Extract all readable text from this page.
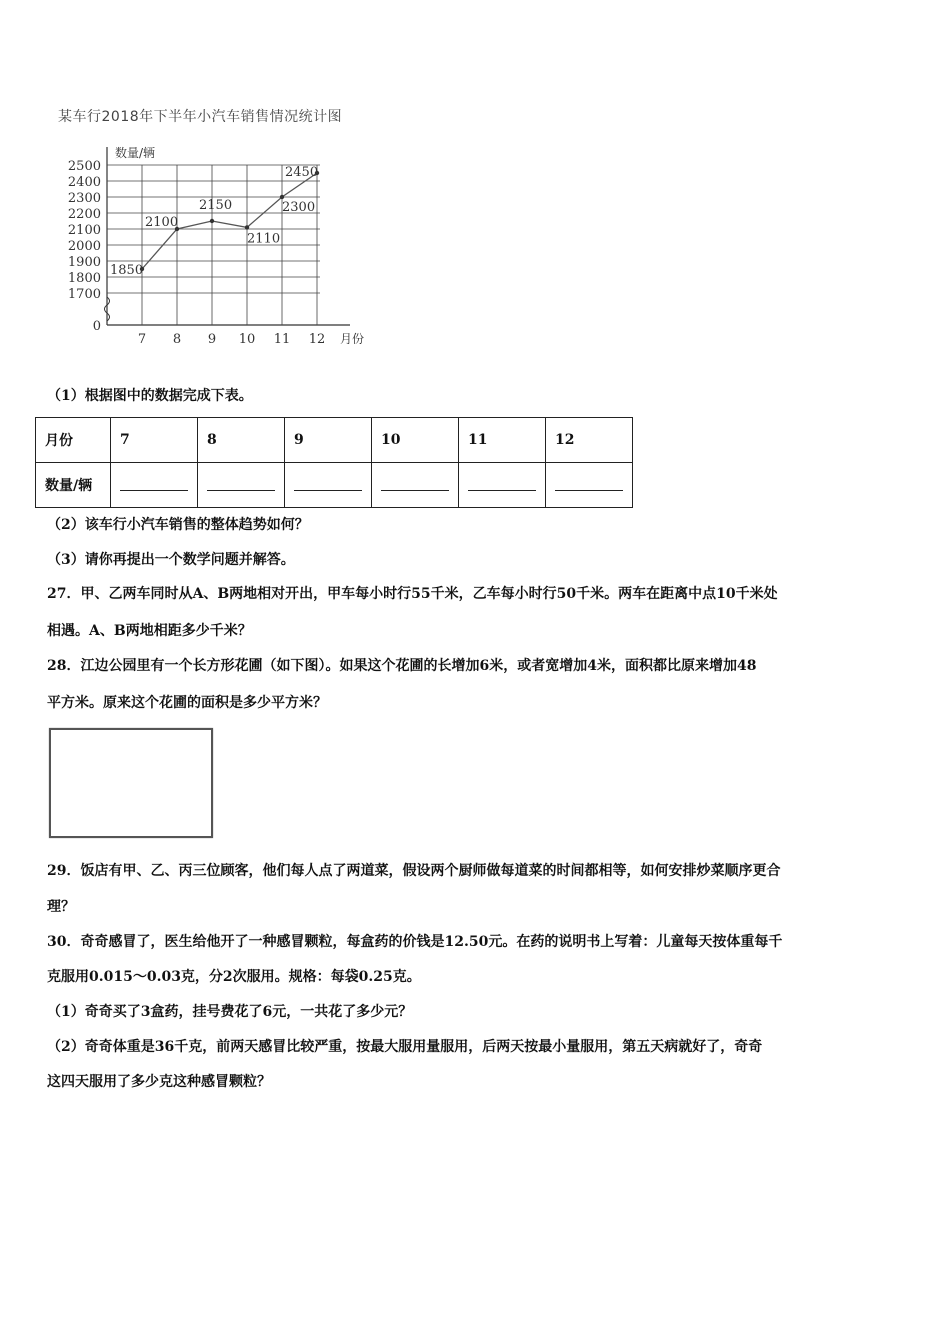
某车行2018年下半年小汽车销售情况统计图
2500
2400
2300
2200
2100
2000
1900
1800
1700
0
数量/辆
7 8 9 10 11 12 月份
1850
2100
2150
2110
2300
2450
（1）根据图中的数据完成下表。
月份	7	8	9	10	11	12
数量/辆						
（2）该车行小汽车销售的整体趋势如何？
（3）请你再提出一个数学问题并解答。
27．甲、乙两车同时从A、B两地相对开出，甲车每小时行55千米，乙车每小时行50千米。两车在距离中点10千米处
相遇。A、B两地相距多少千米？
28．江边公园里有一个长方形花圃（如下图）。如果这个花圃的长增加6米，或者宽增加4米，面积都比原来增加48
平方米。原来这个花圃的面积是多少平方米？
29．饭店有甲、乙、丙三位顾客，他们每人点了两道菜，假设两个厨师做每道菜的时间都相等，如何安排炒菜顺序更合
理？
30．奇奇感冒了，医生给他开了一种感冒颗粒，每盒药的价钱是12.50元。在药的说明书上写着：儿童每天按体重每千
克服用0.015～0.03克，分2次服用。规格：每袋0.25克。
（1）奇奇买了3盒药，挂号费花了6元，一共花了多少元？
（2）奇奇体重是36千克，前两天感冒比较严重，按最大服用量服用，后两天按最小量服用，第五天病就好了，奇奇
这四天服用了多少克这种感冒颗粒？
